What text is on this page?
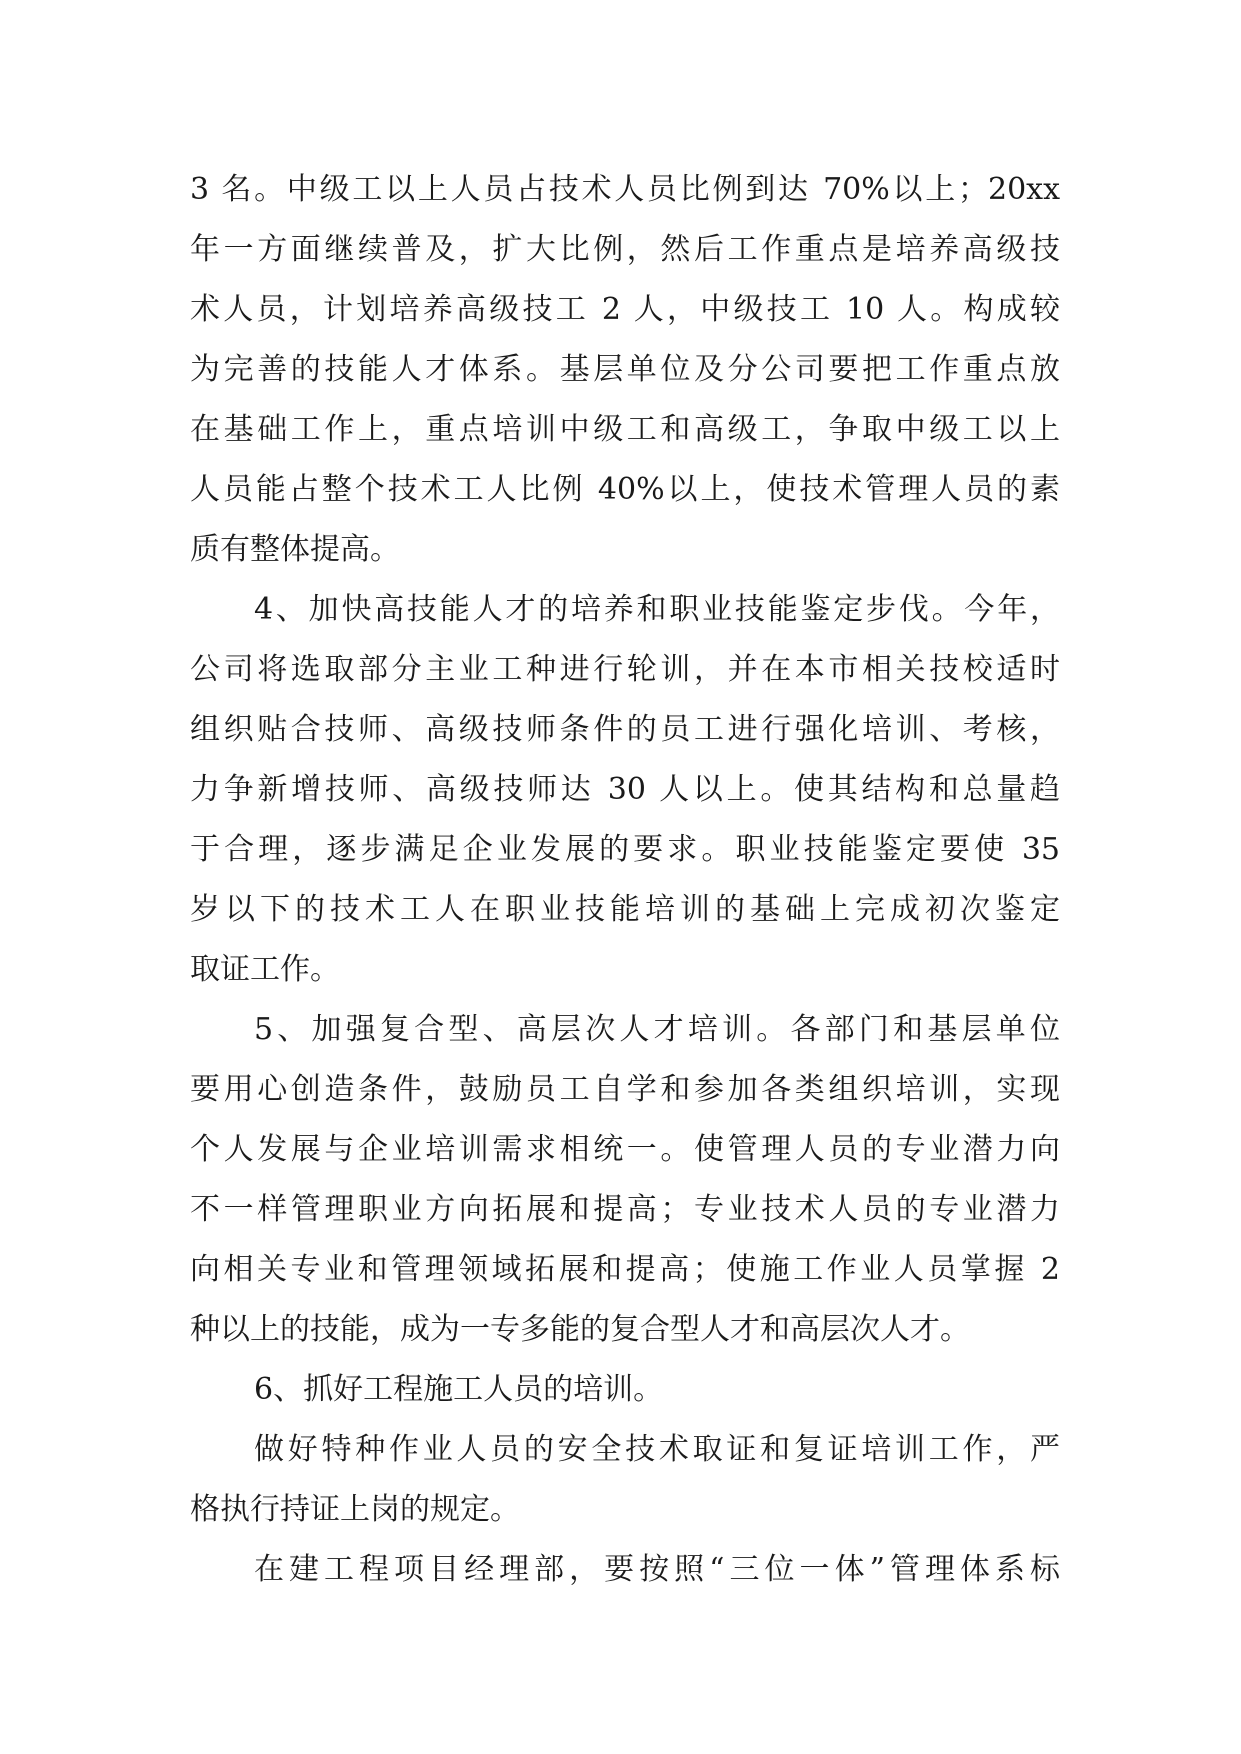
3 名。中级工以上人员占技术人员比例到达 70%以上；20xx
年一方面继续普及，扩大比例，然后工作重点是培养高级技
术人员，计划培养高级技工 2 人，中级技工 10 人。构成较
为完善的技能人才体系。基层单位及分公司要把工作重点放
在基础工作上，重点培训中级工和高级工，争取中级工以上
人员能占整个技术工人比例 40%以上，使技术管理人员的素
质有整体提高。
4、加快高技能人才的培养和职业技能鉴定步伐。今年，
公司将选取部分主业工种进行轮训，并在本市相关技校适时
组织贴合技师、高级技师条件的员工进行强化培训、考核，
力争新增技师、高级技师达 30 人以上。使其结构和总量趋
于合理，逐步满足企业发展的要求。职业技能鉴定要使 35
岁以下的技术工人在职业技能培训的基础上完成初次鉴定
取证工作。
5、加强复合型、高层次人才培训。各部门和基层单位
要用心创造条件，鼓励员工自学和参加各类组织培训，实现
个人发展与企业培训需求相统一。使管理人员的专业潜力向
不一样管理职业方向拓展和提高；专业技术人员的专业潜力
向相关专业和管理领域拓展和提高；使施工作业人员掌握 2
种以上的技能，成为一专多能的复合型人才和高层次人才。
6、抓好工程施工人员的培训。
做好特种作业人员的安全技术取证和复证培训工作，严
格执行持证上岗的规定。
在建工程项目经理部，要按照“三位一体”管理体系标
